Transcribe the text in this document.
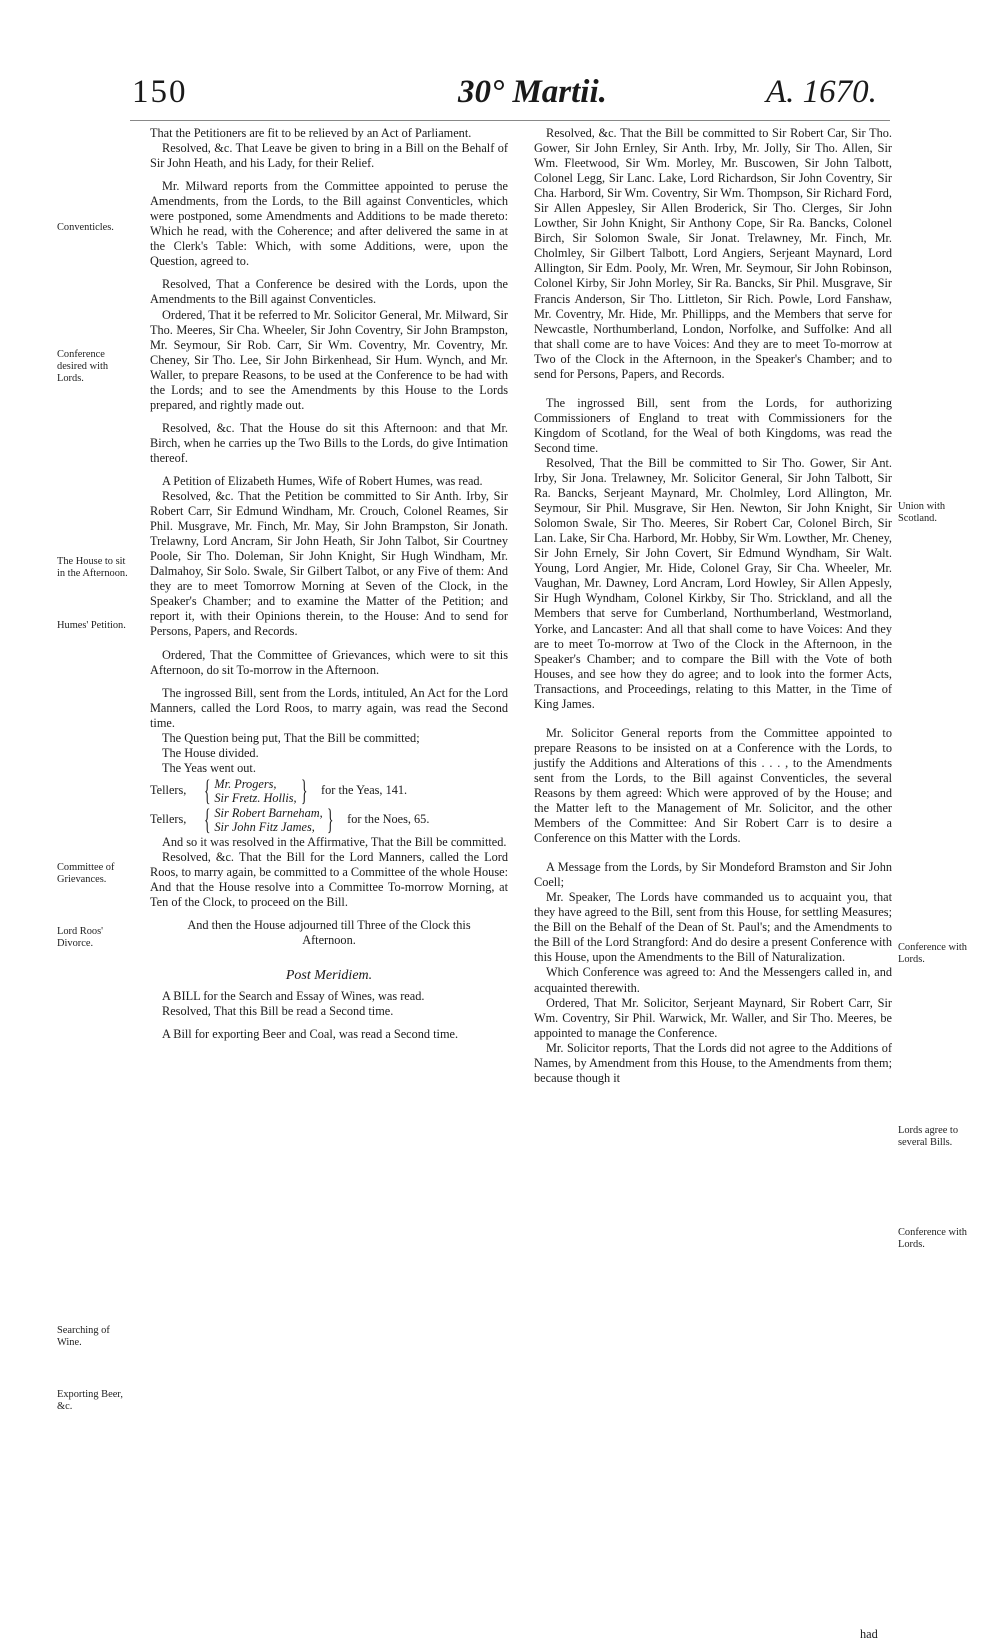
150	30° Martii.	A. 1670.

That the Petitioners are fit to be relieved by an Act of Parliament.

Resolved, &c. That Leave be given to bring in a Bill on the Behalf of Sir John Heath, and his Lady, for their Relief.

Mr. Milward reports from the Committee appointed to peruse the Amendments, from the Lords, to the Bill against Conventicles, which were postponed, some Amendments and Additions to be made thereto: Which he read, with the Coherence; and after delivered the same in at the Clerk's Table: Which, with some Additions, were, upon the Question, agreed to.

Resolved, That a Conference be desired with the Lords, upon the Amendments to the Bill against Conventicles.

Ordered, That it be referred to Mr. Solicitor General, Mr. Milward, Sir Tho. Meeres, Sir Cha. Wheeler, Sir John Coventry, Sir John Brampston, Mr. Seymour, Sir Rob. Carr, Sir Wm. Coventry, Mr. Coventry, Mr. Cheney, Sir Tho. Lee, Sir John Birkenhead, Sir Hum. Wynch, and Mr. Waller, to prepare Reasons, to be used at the Conference to be had with the Lords; and to see the Amendments by this House to the Lords prepared, and rightly made out.

Resolved, &c. That the House do sit this Afternoon: and that Mr. Birch, when he carries up the Two Bills to the Lords, do give Intimation thereof.

A Petition of Elizabeth Humes, Wife of Robert Humes, was read.

Resolved, &c. That the Petition be committed to Sir Anth. Irby, Sir Robert Carr, Sir Edmund Windham, Mr. Crouch, Colonel Reames, Sir Phil. Musgrave, Mr. Finch, Mr. May, Sir John Brampston, Sir Jonath. Trelawny, Lord Ancram, Sir John Heath, Sir John Talbot, Sir Courtney Poole, Sir Tho. Doleman, Sir John Knight, Sir Hugh Windham, Mr. Dalmahoy, Sir Solo. Swale, Sir Gilbert Talbot, or any Five of them: And they are to meet Tomorrow Morning at Seven of the Clock, in the Speaker's Chamber; and to examine the Matter of the Petition; and report it, with their Opinions therein, to the House: And to send for Persons, Papers, and Records.

Ordered, That the Committee of Grievances, which were to sit this Afternoon, do sit To-morrow in the Afternoon.

The ingrossed Bill, sent from the Lords, intituled, An Act for the Lord Manners, called the Lord Roos, to marry again, was read the Second time.

The Question being put, That the Bill be committed;

The House divided.

The Yeas went out.

Tellers, { Mr. Progers,
Sir Fretz. Hollis, } for the Yeas, 141.
Tellers, { Sir Robert Barneham,
Sir John Fitz James, } for the Noes, 65.

And so it was resolved in the Affirmative, That the Bill be committed.

Resolved, &c. That the Bill for the Lord Manners, called the Lord Roos, to marry again, be committed to a Committee of the whole House: And that the House resolve into a Committee To-morrow Morning, at Ten of the Clock, to proceed on the Bill.

And then the House adjourned till Three of the Clock this Afternoon.

Post Meridiem.

A BILL for the Search and Essay of Wines, was read.

Resolved, That this Bill be read a Second time.

A Bill for exporting Beer and Coal, was read a Second time.

Resolved, &c. That the Bill be committed to Sir Robert Car, Sir Tho. Gower, Sir John Ernley, Sir Anth. Irby, Mr. Jolly, Sir Tho. Allen, Sir Wm. Fleetwood, Sir Wm. Morley, Mr. Buscowen, Sir John Talbott, Colonel Legg, Sir Lanc. Lake, Lord Richardson, Sir John Coventry, Sir Cha. Harbord, Sir Wm. Coventry, Sir Wm. Thompson, Sir Richard Ford, Sir Allen Appesley, Sir Allen Broderick, Sir Tho. Clerges, Sir John Lowther, Sir John Knight, Sir Anthony Cope, Sir Ra. Bancks, Colonel Birch, Sir Solomon Swale, Sir Jonat. Trelawney, Mr. Finch, Mr. Cholmley, Sir Gilbert Talbott, Lord Angiers, Serjeant Maynard, Lord Allington, Sir Edm. Pooly, Mr. Wren, Mr. Seymour, Sir John Robinson, Colonel Kirby, Sir John Morley, Sir Ra. Bancks, Sir Phil. Musgrave, Sir Francis Anderson, Sir Tho. Littleton, Sir Rich. Powle, Lord Fanshaw, Mr. Coventry, Mr. Hide, Mr. Phillipps, and the Members that serve for Newcastle, Northumberland, London, Norfolke, and Suffolke: And all that shall come are to have Voices: And they are to meet To-morrow at Two of the Clock in the Afternoon, in the Speaker's Chamber; and to send for Persons, Papers, and Records.

The ingrossed Bill, sent from the Lords, for authorizing Commissioners of England to treat with Commissioners for the Kingdom of Scotland, for the Weal of both Kingdoms, was read the Second time.

Resolved, That the Bill be committed to Sir Tho. Gower, Sir Ant. Irby, Sir Jona. Trelawney, Mr. Solicitor General, Sir John Talbott, Sir Ra. Bancks, Serjeant Maynard, Mr. Cholmley, Lord Allington, Mr. Seymour, Sir Phil. Musgrave, Sir Hen. Newton, Sir John Knight, Sir Solomon Swale, Sir Tho. Meeres, Sir Robert Car, Colonel Birch, Sir Lan. Lake, Sir Cha. Harbord, Mr. Hobby, Sir Wm. Lowther, Mr. Cheney, Sir John Ernely, Sir John Covert, Sir Edmund Wyndham, Sir Walt. Young, Lord Angier, Mr. Hide, Colonel Gray, Sir Cha. Wheeler, Mr. Vaughan, Mr. Dawney, Lord Ancram, Lord Howley, Sir Allen Appesly, Sir Hugh Wyndham, Colonel Kirkby, Sir Tho. Strickland, and all the Members that serve for Cumberland, Northumberland, Westmorland, Yorke, and Lancaster: And all that shall come to have Voices: And they are to meet To-morrow at Two of the Clock in the Afternoon, in the Speaker's Chamber; and to compare the Bill with the Vote of both Houses, and see how they do agree; and to look into the former Acts, Transactions, and Proceedings, relating to this Matter, in the Time of King James.

Mr. Solicitor General reports from the Committee appointed to prepare Reasons to be insisted on at a Conference with the Lords, to justify the Additions and Alterations of this . . . , to the Amendments sent from the Lords, to the Bill against Conventicles, the several Reasons by them agreed: Which were approved of by the House; and the Matter left to the Management of Mr. Solicitor, and the other Members of the Committee: And Sir Robert Carr is to desire a Conference on this Matter with the Lords.

A Message from the Lords, by Sir Mondeford Bramston and Sir John Coell;

Mr. Speaker, The Lords have commanded us to acquaint you, that they have agreed to the Bill, sent from this House, for settling Measures; the Bill on the Behalf of the Dean of St. Paul's; and the Amendments to the Bill of the Lord Strangford: And do desire a present Conference with this House, upon the Amendments to the Bill of Naturalization.

Which Conference was agreed to: And the Messengers called in, and acquainted therewith.

Ordered, That Mr. Solicitor, Serjeant Maynard, Sir Robert Carr, Sir Wm. Coventry, Sir Phil. Warwick, Mr. Waller, and Sir Tho. Meeres, be appointed to manage the Conference.

Mr. Solicitor reports, That the Lords did not agree to the Additions of Names, by Amendment from this House, to the Amendments from them; because though it

had
Conventicles.
Conference desired with Lords.
The House to sit in the Afternoon.
Humes' Petition.
Committee of Grievances.
Lord Roos' Divorce.
Searching of Wine.
Exporting Beer, &c.
Union with Scotland.
Conference with Lords.
Lords agree to several Bills.
Conference with Lords.
